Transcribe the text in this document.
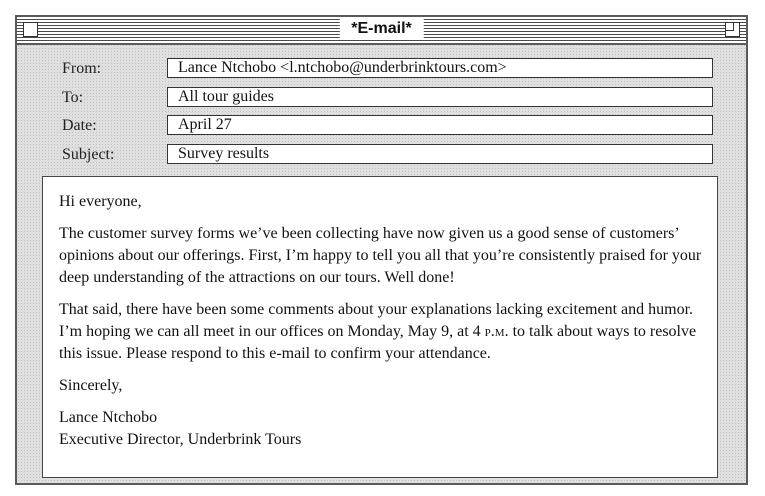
*E-mail*
From:	Lance Ntchobo <l.ntchobo@underbrinktours.com>
To:	All tour guides
Date:	April 27
Subject:	Survey results

Hi everyone,

The customer survey forms we’ve been collecting have now given us a good sense of customers’ opinions about our offerings. First, I’m happy to tell you all that you’re consistently praised for your deep understanding of the attractions on our tours. Well done!

That said, there have been some comments about your explanations lacking excitement and humor. I’m hoping we can all meet in our offices on Monday, May 9, at 4 p.m. to talk about ways to resolve this issue. Please respond to this e-mail to confirm your attendance.

Sincerely,

Lance Ntchobo
Executive Director, Underbrink Tours
